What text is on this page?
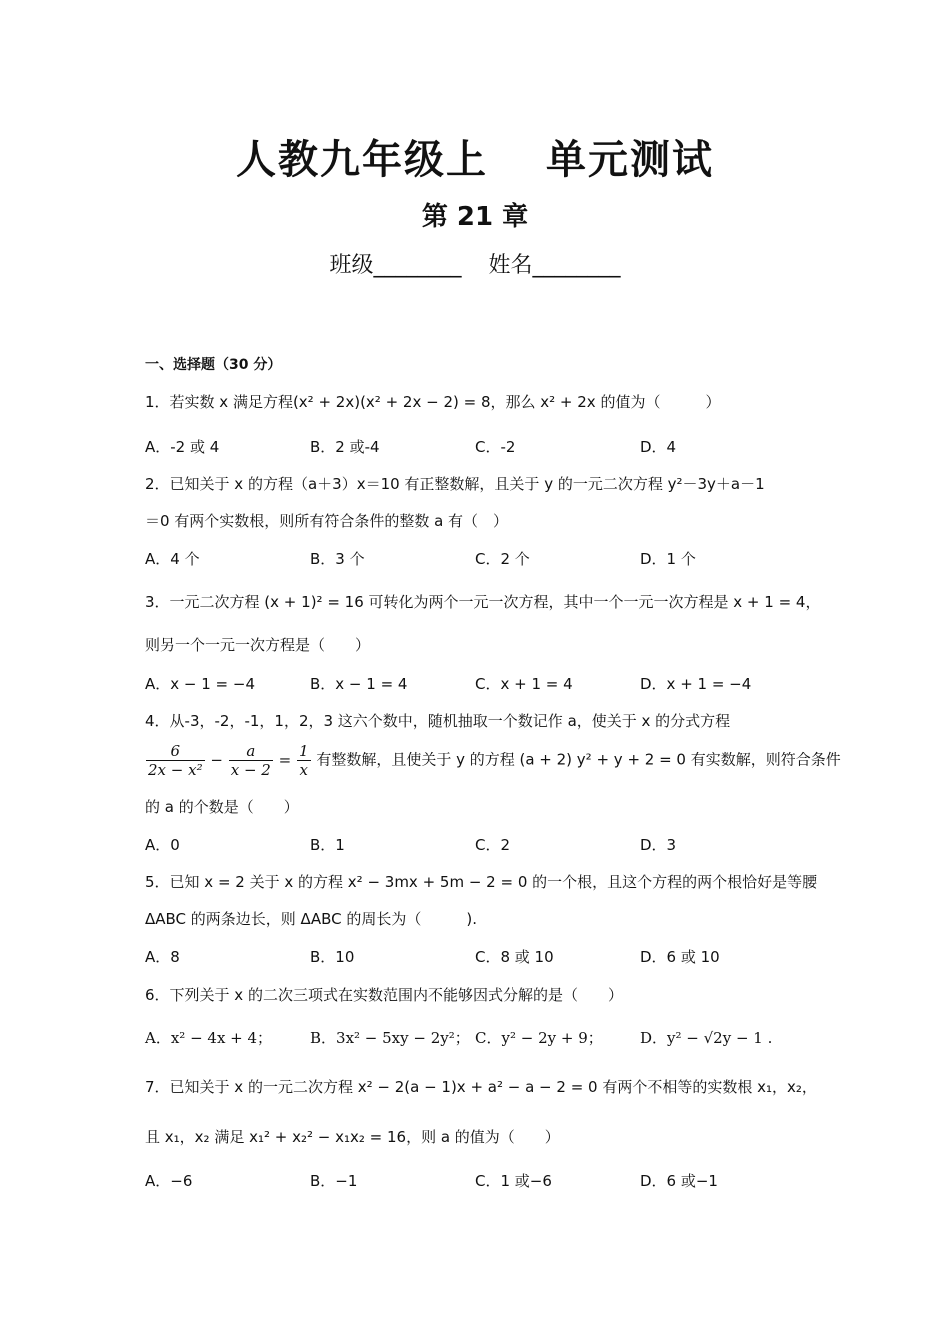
人教九年级上 单元测试
第 21 章
班级________ 姓名________
一、选择题（30 分）
1．若实数 x 满足方程(x² + 2x)(x² + 2x − 2) = 8，那么 x² + 2x 的值为（　　　）
A．-2 或 4	B．2 或-4	C．-2	D．4
2．已知关于 x 的方程（a＋3）x＝10 有正整数解，且关于 y 的一元二次方程 y²－3y＋a－1
＝0 有两个实数根，则所有符合条件的整数 a 有（　）
A．4 个	B．3 个	C．2 个	D．1 个
3．一元二次方程 (x + 1)² = 16 可转化为两个一元一次方程，其中一个一元一次方程是 x + 1 = 4，
则另一个一元一次方程是（　　）
A．x − 1 = −4	B．x − 1 = 4	C．x + 1 = 4	D．x + 1 = −4
4．从-3，-2，-1，1，2，3 这六个数中，随机抽取一个数记作 a，使关于 x 的分式方程
$\frac{6}{\text{2x − x²}} - \frac{a}{x - 2} = \frac{1}{x}$ 有整数解，且使关于 y 的方程 (a + 2) y² + y + 2 = 0 有实数解，则符合条件
的 a 的个数是（　　）
A．0	B．1	C．2	D．3
5．已知 x = 2 关于 x 的方程 x² − 3mx + 5m − 2 = 0 的一个根，且这个方程的两个根恰好是等腰
ΔABC 的两条边长，则 ΔABC 的周长为（　　　).
A．8	B．10	C．8 或 10	D．6 或 10
6．下列关于 x 的二次三项式在实数范围内不能够因式分解的是（　　）
A．x² − 4x + 4；	B．3x² − 5xy − 2y²； C．y² − 2y + 9； D．y² − √2y − 1 .
7．已知关于 x 的一元二次方程 x² − 2(a − 1)x + a² − a − 2 = 0 有两个不相等的实数根 x₁，x₂，
且 x₁，x₂ 满足 x₁² + x₂² − x₁x₂ = 16，则 a 的值为（　　）
A．−6	B．−1	C．1 或−6	D．6 或−1
